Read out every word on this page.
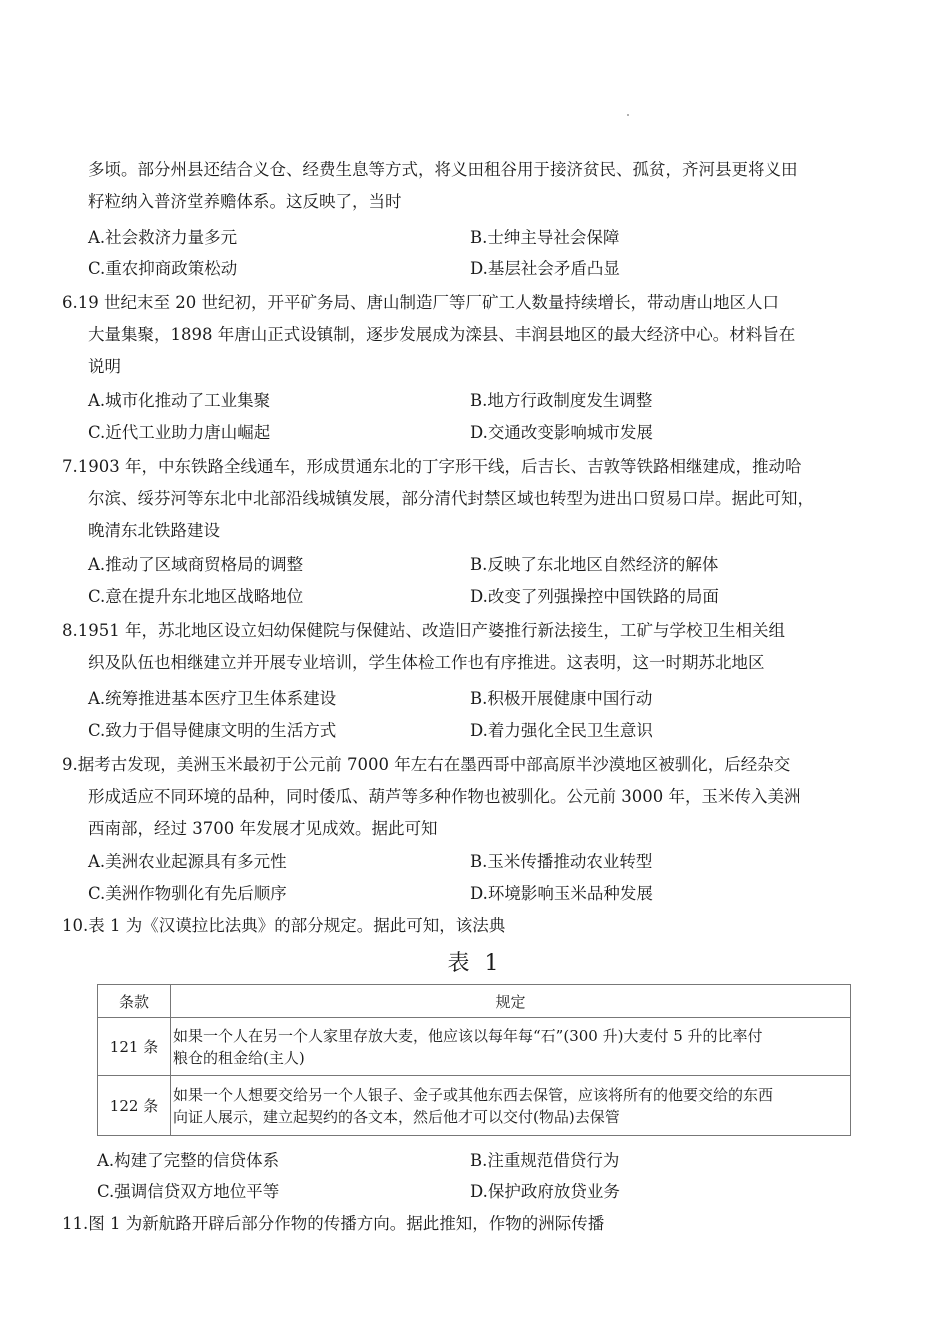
多顷。部分州县还结合义仓、经费生息等方式，将义田租谷用于接济贫民、孤贫，齐河县更将义田
籽粒纳入普济堂养赡体系。这反映了，当时
A.社会救济力量多元	B.士绅主导社会保障
C.重农抑商政策松动	D.基层社会矛盾凸显
6.19 世纪末至 20 世纪初，开平矿务局、唐山制造厂等厂矿工人数量持续增长，带动唐山地区人口
大量集聚，1898 年唐山正式设镇制，逐步发展成为滦县、丰润县地区的最大经济中心。材料旨在
说明
A.城市化推动了工业集聚	B.地方行政制度发生调整
C.近代工业助力唐山崛起	D.交通改变影响城市发展
7.1903 年，中东铁路全线通车，形成贯通东北的丁字形干线，后吉长、吉敦等铁路相继建成，推动哈
尔滨、绥芬河等东北中北部沿线城镇发展，部分清代封禁区域也转型为进出口贸易口岸。据此可知，
晚清东北铁路建设
A.推动了区域商贸格局的调整	B.反映了东北地区自然经济的解体
C.意在提升东北地区战略地位	D.改变了列强操控中国铁路的局面
8.1951 年，苏北地区设立妇幼保健院与保健站、改造旧产婆推行新法接生，工矿与学校卫生相关组
织及队伍也相继建立并开展专业培训，学生体检工作也有序推进。这表明，这一时期苏北地区
A.统筹推进基本医疗卫生体系建设	B.积极开展健康中国行动
C.致力于倡导健康文明的生活方式	D.着力强化全民卫生意识
9.据考古发现，美洲玉米最初于公元前 7000 年左右在墨西哥中部高原半沙漠地区被驯化，后经杂交
形成适应不同环境的品种，同时倭瓜、葫芦等多种作物也被驯化。公元前 3000 年，玉米传入美洲
西南部，经过 3700 年发展才见成效。据此可知
A.美洲农业起源具有多元性	B.玉米传播推动农业转型
C.美洲作物驯化有先后顺序	D.环境影响玉米品种发展
10.表 1 为《汉谟拉比法典》的部分规定。据此可知，该法典
表 1
条款	规定
121 条	如果一个人在另一个人家里存放大麦，他应该以每年每“石”(300 升)大麦付 5 升的比率付
粮仓的租金给(主人)
122 条	如果一个人想要交给另一个人银子、金子或其他东西去保管，应该将所有的他要交给的东西
向证人展示，建立起契约的各文本，然后他才可以交付(物品)去保管
A.构建了完整的信贷体系	B.注重规范借贷行为
C.强调信贷双方地位平等	D.保护政府放贷业务
11.图 1 为新航路开辟后部分作物的传播方向。据此推知，作物的洲际传播
